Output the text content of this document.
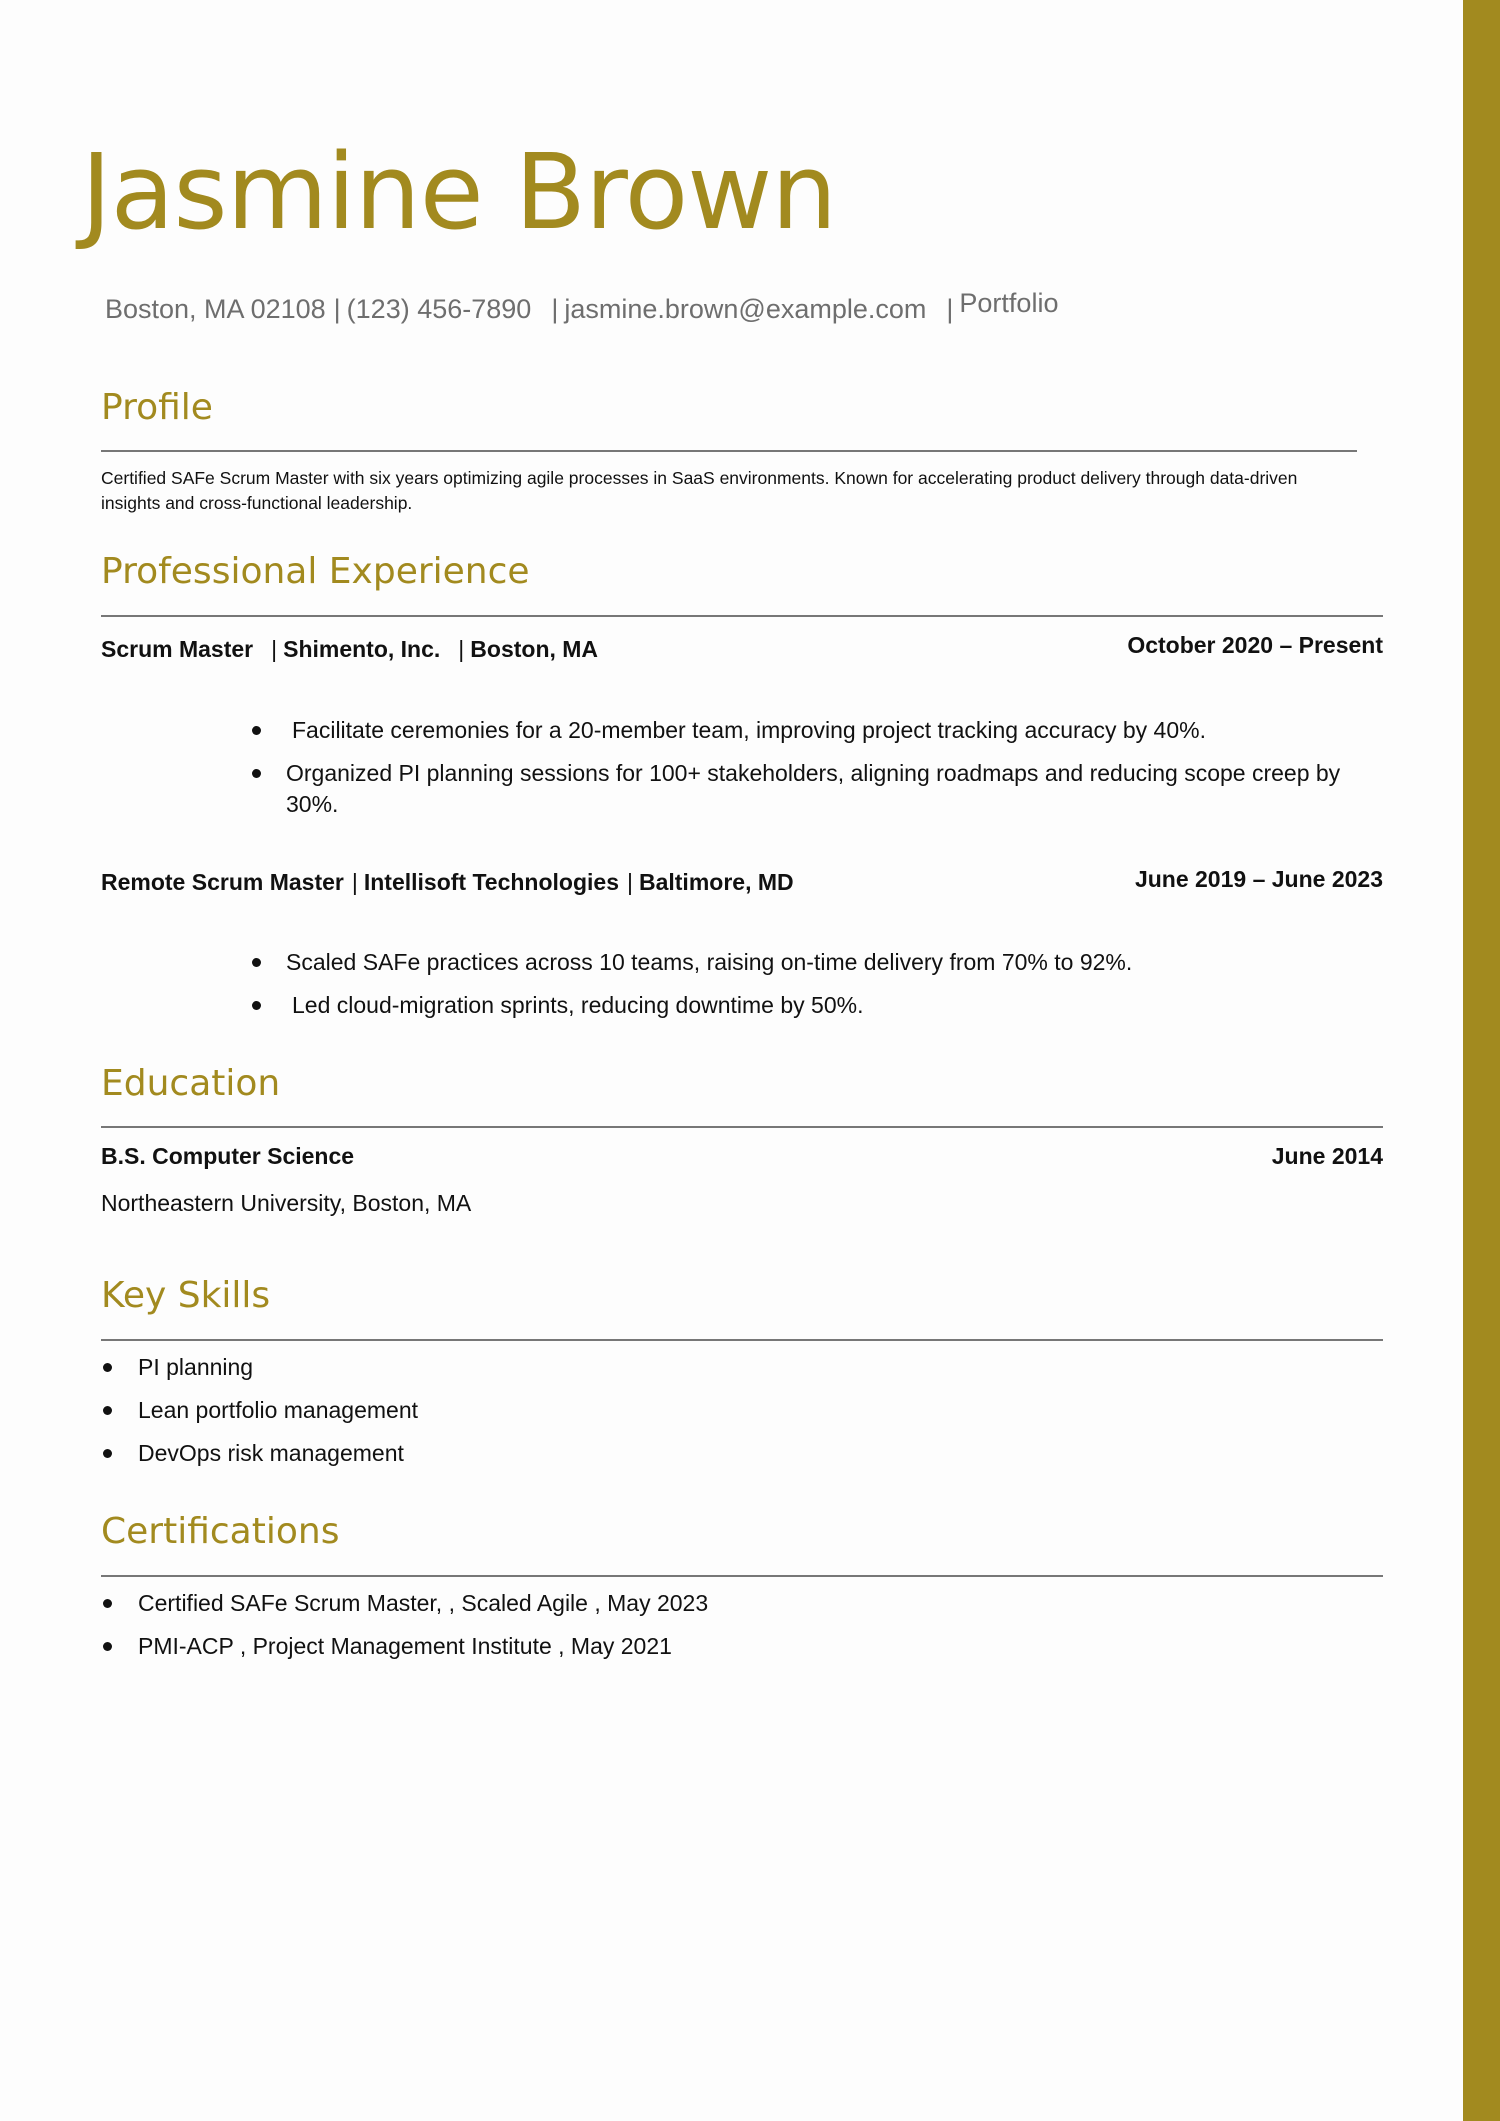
Jasmine Brown
Boston, MA 02108 | (123) 456-7890 | jasmine.brown@example.com | Portfolio
Profile

Certified SAFe Scrum Master with six years optimizing agile processes in SaaS environments. Known for accelerating product delivery through data-driven insights and cross-functional leadership.

Professional Experience
Scrum Master | Shimento, Inc. | Boston, MA	October 2020 – Present
Facilitate ceremonies for a 20-member team, improving project tracking accuracy by 40%.
Organized PI planning sessions for 100+ stakeholders, aligning roadmaps and reducing scope creep by 30%.
Remote Scrum Master | Intellisoft Technologies | Baltimore, MD	June 2019 – June 2023
Scaled SAFe practices across 10 teams, raising on-time delivery from 70% to 92%.
Led cloud-migration sprints, reducing downtime by 50%.
Education
B.S. Computer Science	June 2014
Northeastern University, Boston, MA
Key Skills
PI planning
Lean portfolio management
DevOps risk management
Certifications
Certified SAFe Scrum Master, , Scaled Agile , May 2023
PMI-ACP , Project Management Institute , May 2021
